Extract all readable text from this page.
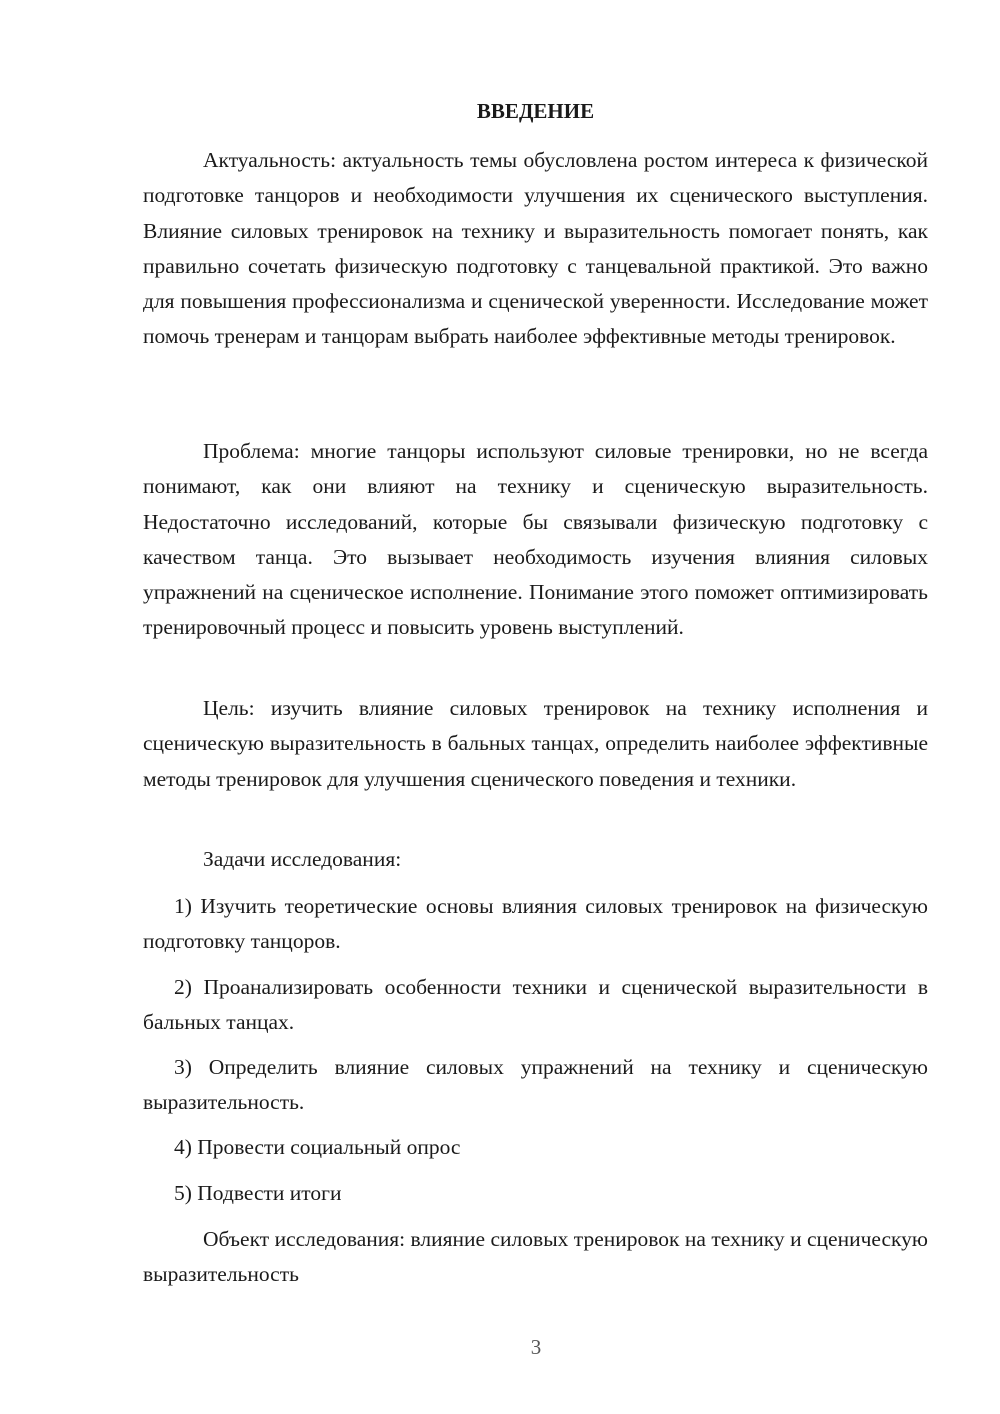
ВВЕДЕНИЕ

Актуальность: актуальность темы обусловлена ростом интереса к физической подготовке танцоров и необходимости улучшения их сценического выступления. Влияние силовых тренировок на технику и выразительность помогает понять, как правильно сочетать физическую подготовку с танцевальной практикой. Это важно для повышения профессионализма и сценической уверенности. Исследование может помочь тренерам и танцорам выбрать наиболее эффективные методы тренировок.

Проблема: многие танцоры используют силовые тренировки, но не всегда понимают, как они влияют на технику и сценическую выразительность. Недостаточно исследований, которые бы связывали физическую подготовку с качеством танца. Это вызывает необходимость изучения влияния силовых упражнений на сценическое исполнение. Понимание этого поможет оптимизировать тренировочный процесс и повысить уровень выступлений.

Цель: изучить влияние силовых тренировок на технику исполнения и сценическую выразительность в бальных танцах, определить наиболее эффективные методы тренировок для улучшения сценического поведения и техники.

Задачи исследования:

1) Изучить теоретические основы влияния силовых тренировок на физическую подготовку танцоров.

2) Проанализировать особенности техники и сценической выразительности в бальных танцах.

3) Определить влияние силовых упражнений на технику и сценическую выразительность.

4) Провести социальный опрос

5) Подвести итоги

Объект исследования: влияние силовых тренировок на технику и сценическую выразительность

3
